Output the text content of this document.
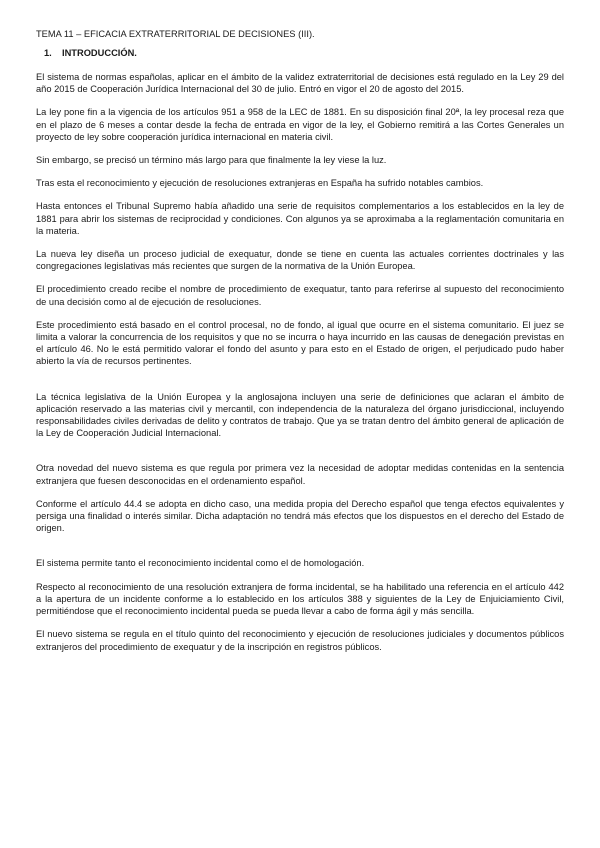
TEMA 11 – EFICACIA EXTRATERRITORIAL DE DECISIONES (III).

1. INTRODUCCIÓN.

El sistema de normas españolas, aplicar en el ámbito de la validez extraterritorial de decisiones está regulado en la Ley 29 del año 2015 de Cooperación Jurídica Internacional del 30 de julio. Entró en vigor el 20 de agosto del 2015.

La ley pone fin a la vigencia de los artículos 951 a 958 de la LEC de 1881. En su disposición final 20ª, la ley procesal reza que en el plazo de 6 meses a contar desde la fecha de entrada en vigor de la ley, el Gobierno remitirá a las Cortes Generales un proyecto de ley sobre cooperación jurídica internacional en materia civil.

Sin embargo, se precisó un término más largo para que finalmente la ley viese la luz.

Tras esta el reconocimiento y ejecución de resoluciones extranjeras en España ha sufrido notables cambios.

Hasta entonces el Tribunal Supremo había añadido una serie de requisitos complementarios a los establecidos en la ley de 1881 para abrir los sistemas de reciprocidad y condiciones. Con algunos ya se aproximaba a la reglamentación comunitaria en la materia.

La nueva ley diseña un proceso judicial de exequatur, donde se tiene en cuenta las actuales corrientes doctrinales y las congregaciones legislativas más recientes que surgen de la normativa de la Unión Europea.

El procedimiento creado recibe el nombre de procedimiento de exequatur, tanto para referirse al supuesto del reconocimiento de una decisión como al de ejecución de resoluciones.

Este procedimiento está basado en el control procesal, no de fondo, al igual que ocurre en el sistema comunitario. El juez se limita a valorar la concurrencia de los requisitos y que no se incurra o haya incurrido en las causas de denegación previstas en el artículo 46. No le está permitido valorar el fondo del asunto y para esto en el Estado de origen, el perjudicado pudo haber abierto la vía de recursos pertinentes.

La técnica legislativa de la Unión Europea y la anglosajona incluyen una serie de definiciones que aclaran el ámbito de aplicación reservado a las materias civil y mercantil, con independencia de la naturaleza del órgano jurisdiccional, incluyendo responsabilidades civiles derivadas de delito y contratos de trabajo. Que ya se tratan dentro del ámbito general de aplicación de la Ley de Cooperación Judicial Internacional.

Otra novedad del nuevo sistema es que regula por primera vez la necesidad de adoptar medidas contenidas en la sentencia extranjera que fuesen desconocidas en el ordenamiento español.

Conforme el artículo 44.4 se adopta en dicho caso, una medida propia del Derecho español que tenga efectos equivalentes y persiga una finalidad o interés similar. Dicha adaptación no tendrá más efectos que los dispuestos en el derecho del Estado de origen.

El sistema permite tanto el reconocimiento incidental como el de homologación.

Respecto al reconocimiento de una resolución extranjera de forma incidental, se ha habilitado una referencia en el artículo 442 a la apertura de un incidente conforme a lo establecido en los artículos 388 y siguientes de la Ley de Enjuiciamiento Civil, permitiéndose que el reconocimiento incidental pueda se pueda llevar a cabo de forma ágil y más sencilla.

El nuevo sistema se regula en el título quinto del reconocimiento y ejecución de resoluciones judiciales y documentos públicos extranjeros del procedimiento de exequatur y de la inscripción en registros públicos.
